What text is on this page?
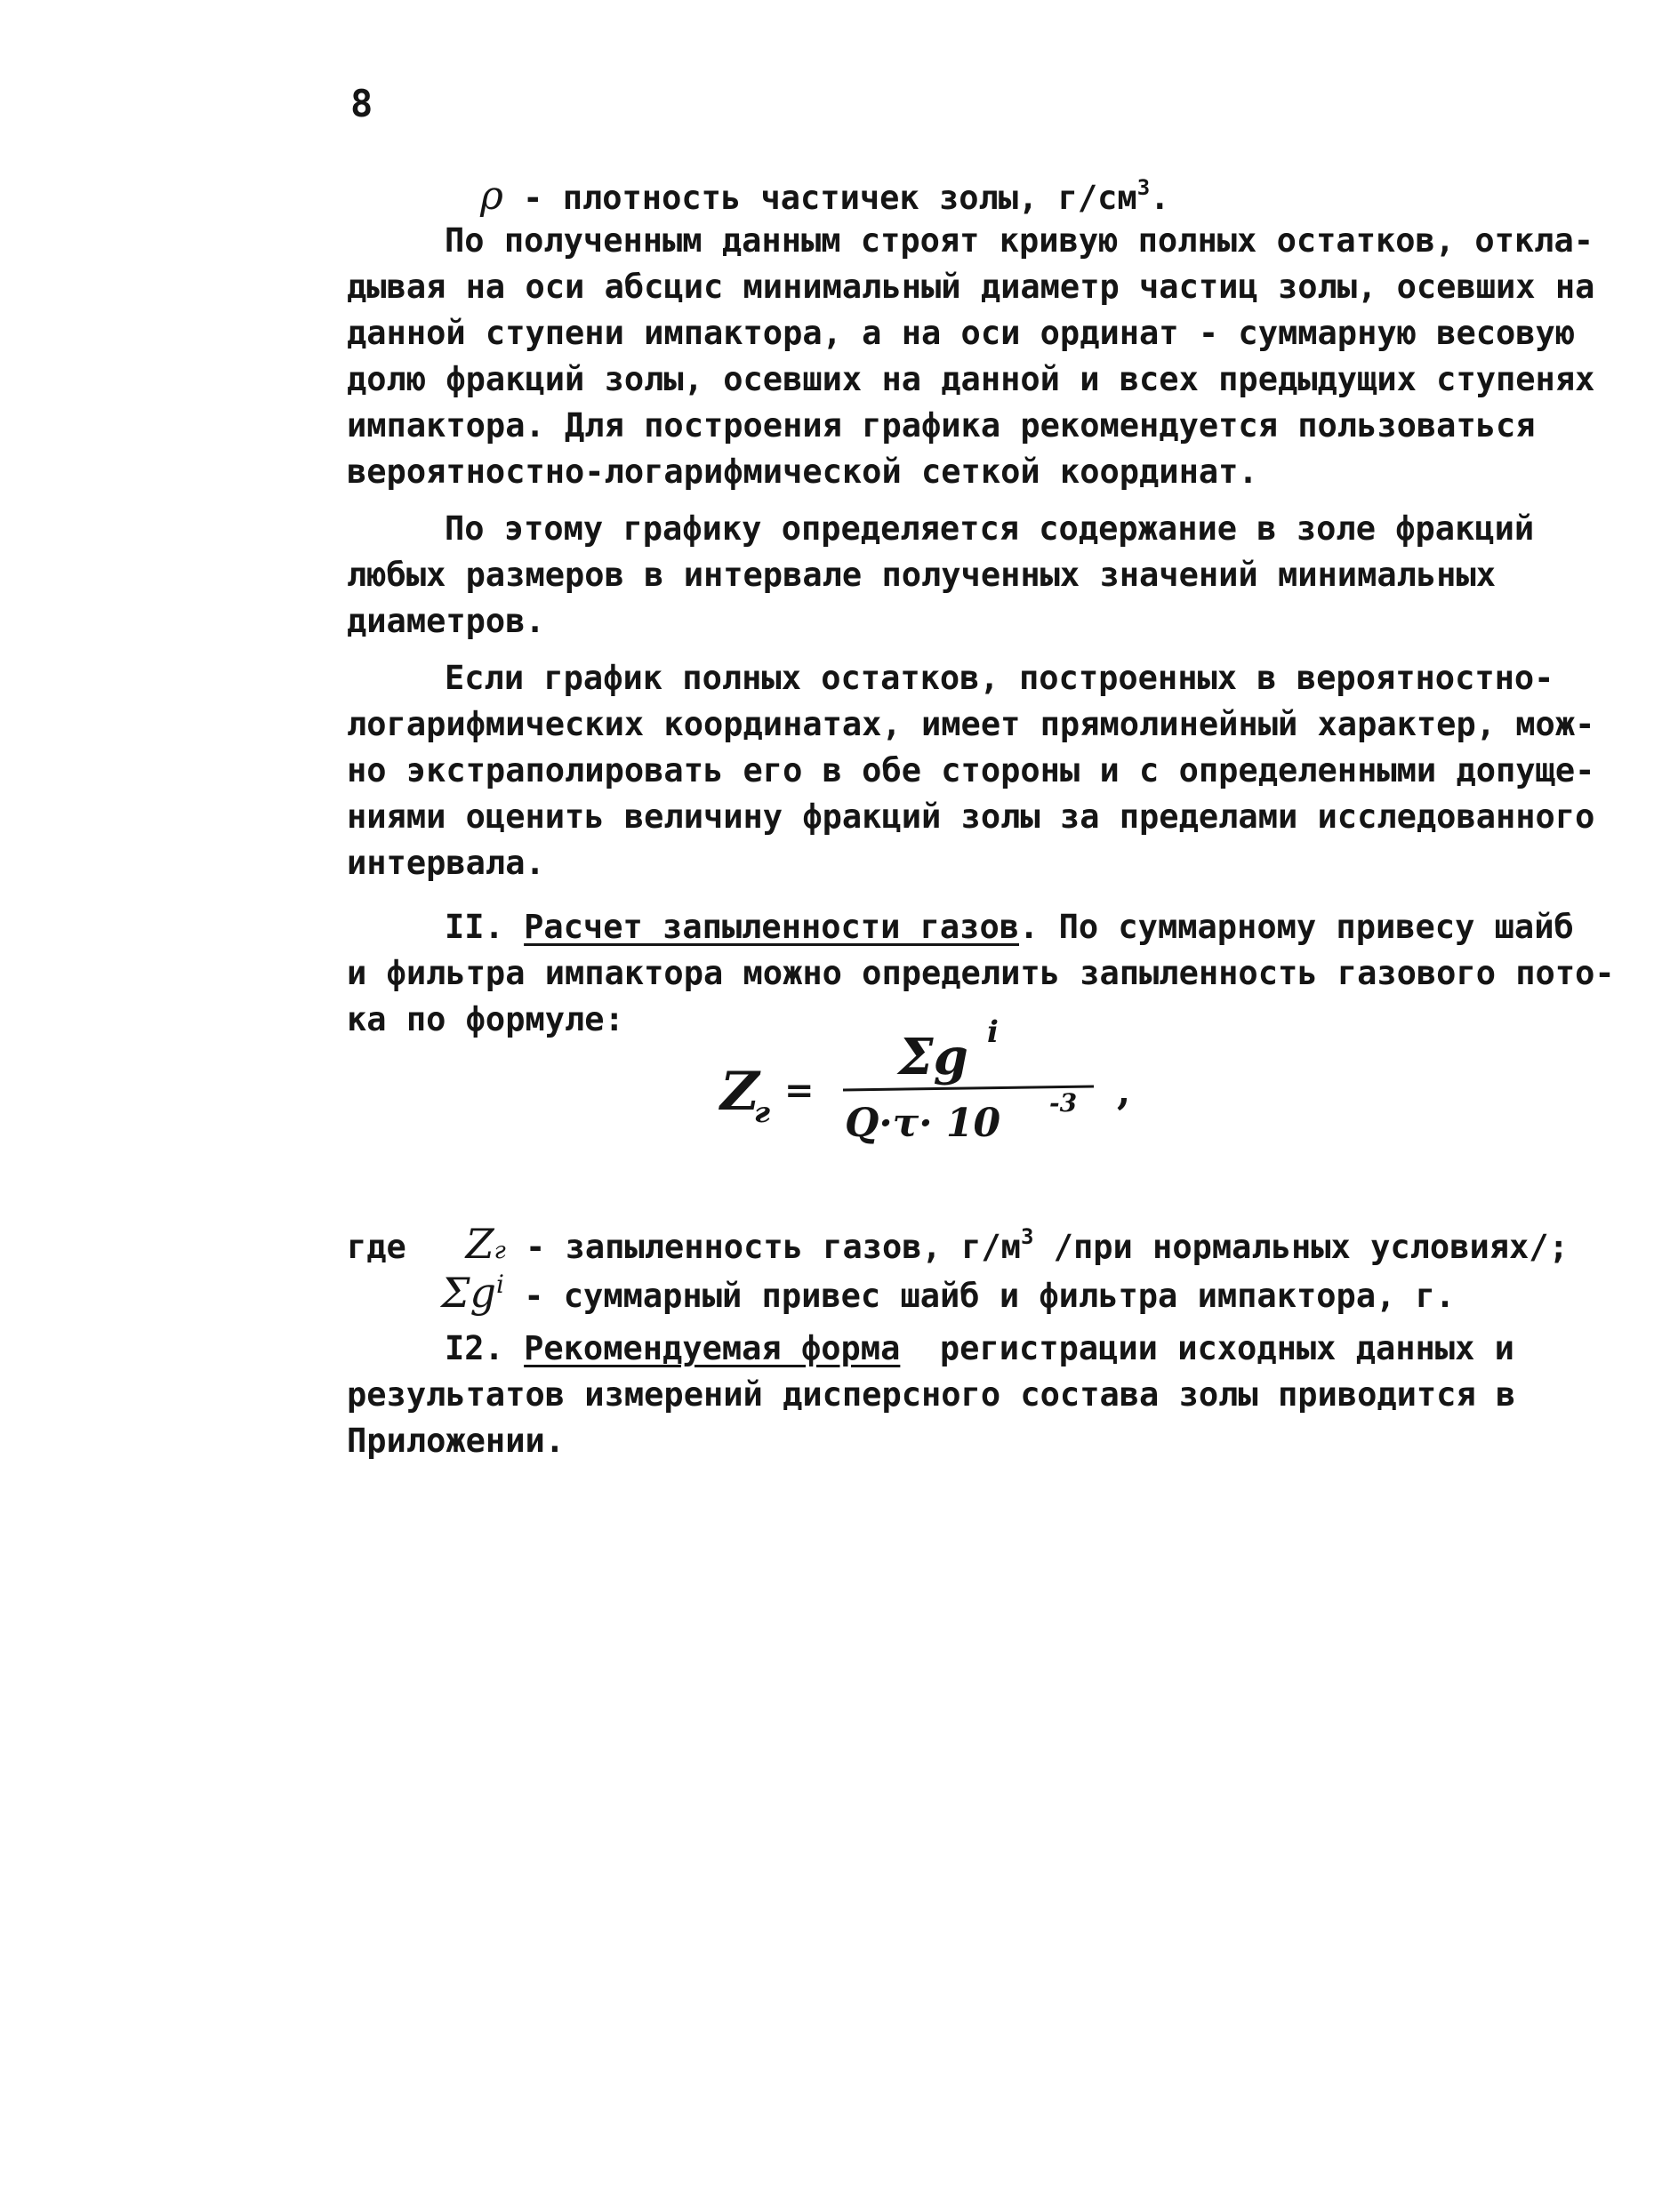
8
ρ - плотность частичек золы, $г/см^3$.
По полученным данным строят кривую полных остатков, отклa-
дывая на оси абсцис минимальный диаметр частиц золы, осевших на
данной ступени импактора, а на оси ординат - суммарную весовую
долю фракций золы, осевших на данной и всех предыдущих ступенях
импактора. Для построения графика рекомендуется пользоваться
вероятностно-логарифмической сеткой координат.
По этому графику определяется содержание в золе фракций
любых размеров в интервале полученных значений минимальных
диаметров.
Если график полных остатков, построенных в вероятностно-
логарифмических координатах, имеет прямолинейный характер, мож-
но экстраполировать его в обе стороны и с определенными допуще-
ниями оценить величину фракций золы за пределами исследованного
интервала.
II. Расчет запыленности газов. По суммарному привесу шайб
и фильтра импактора можно определить запыленность газового пото-
ка по формуле:
Z
г
=
Σg i
Q·τ· 10 -3 ,
где Zг - запыленность газов, $г/м^3$ /при нормальных условиях/;
$\Sigma g^i$ - суммарный привес шайб и фильтра импактора, г.
I2. Рекомендуемая форма  регистрации исходных данных и
результатов измерений дисперсного состава золы приводится в
Приложении.
